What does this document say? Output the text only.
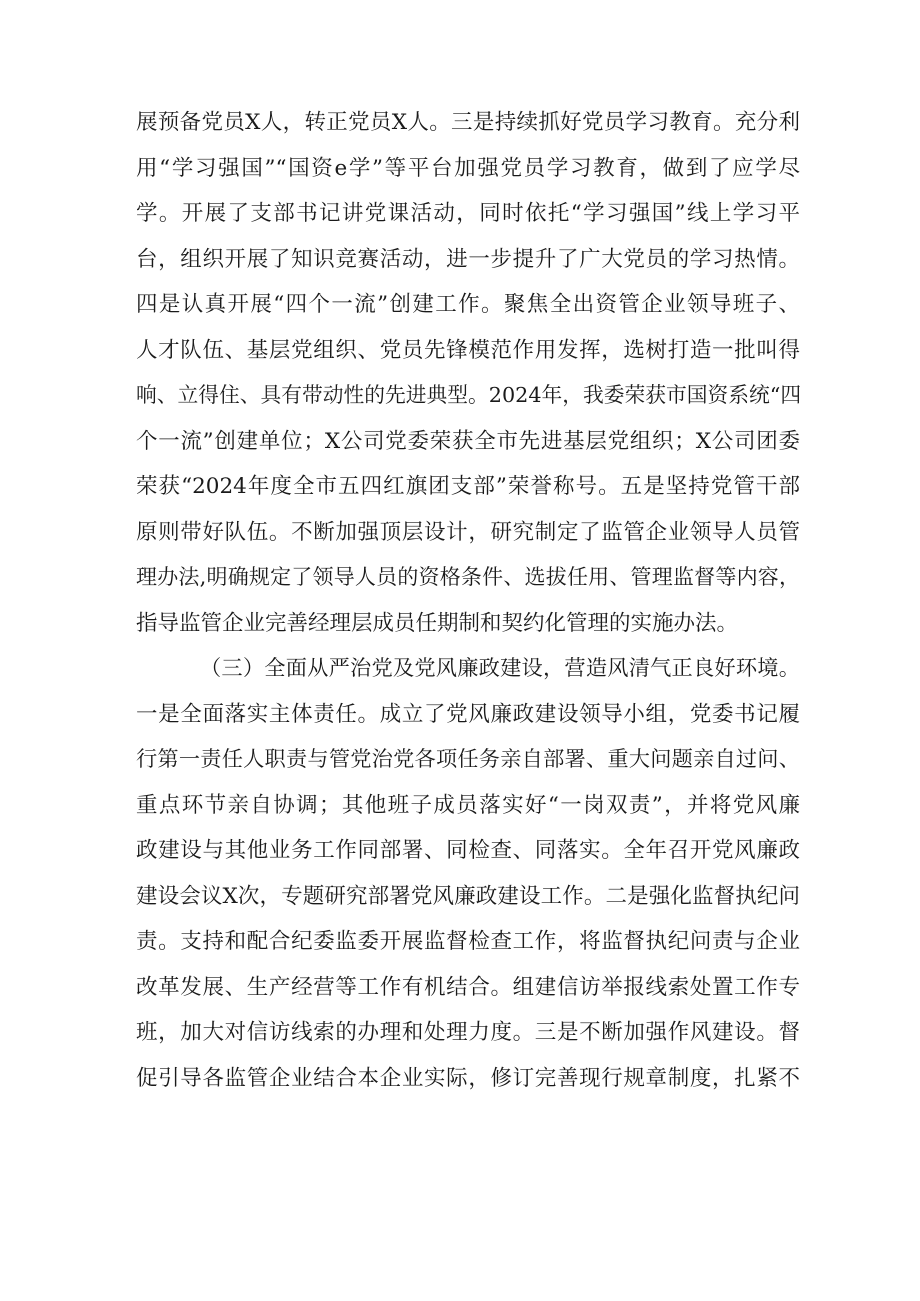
展预备党员X人，转正党员X人。三是持续抓好党员学习教育。充分利
用“学习强国”“国资e学”等平台加强党员学习教育，做到了应学尽
学。开展了支部书记讲党课活动，同时依托“学习强国”线上学习平
台，组织开展了知识竞赛活动，进一步提升了广大党员的学习热情。
四是认真开展“四个一流”创建工作。聚焦全出资管企业领导班子、
人才队伍、基层党组织、党员先锋模范作用发挥，选树打造一批叫得
响、立得住、具有带动性的先进典型。2024年，我委荣获市国资系统“四
个一流”创建单位；X公司党委荣获全市先进基层党组织；X公司团委
荣获“2024年度全市五四红旗团支部”荣誉称号。五是坚持党管干部
原则带好队伍。不断加强顶层设计，研究制定了监管企业领导人员管
理办法,明确规定了领导人员的资格条件、选拔任用、管理监督等内容，
指导监管企业完善经理层成员任期制和契约化管理的实施办法。
（三）全面从严治党及党风廉政建设，营造风清气正良好环境。
一是全面落实主体责任。成立了党风廉政建设领导小组，党委书记履
行第一责任人职责与管党治党各项任务亲自部署、重大问题亲自过问、
重点环节亲自协调；其他班子成员落实好“一岗双责”，并将党风廉
政建设与其他业务工作同部署、同检查、同落实。全年召开党风廉政
建设会议X次，专题研究部署党风廉政建设工作。二是强化监督执纪问
责。支持和配合纪委监委开展监督检查工作，将监督执纪问责与企业
改革发展、生产经营等工作有机结合。组建信访举报线索处置工作专
班，加大对信访线索的办理和处理力度。三是不断加强作风建设。督
促引导各监管企业结合本企业实际，修订完善现行规章制度，扎紧不
